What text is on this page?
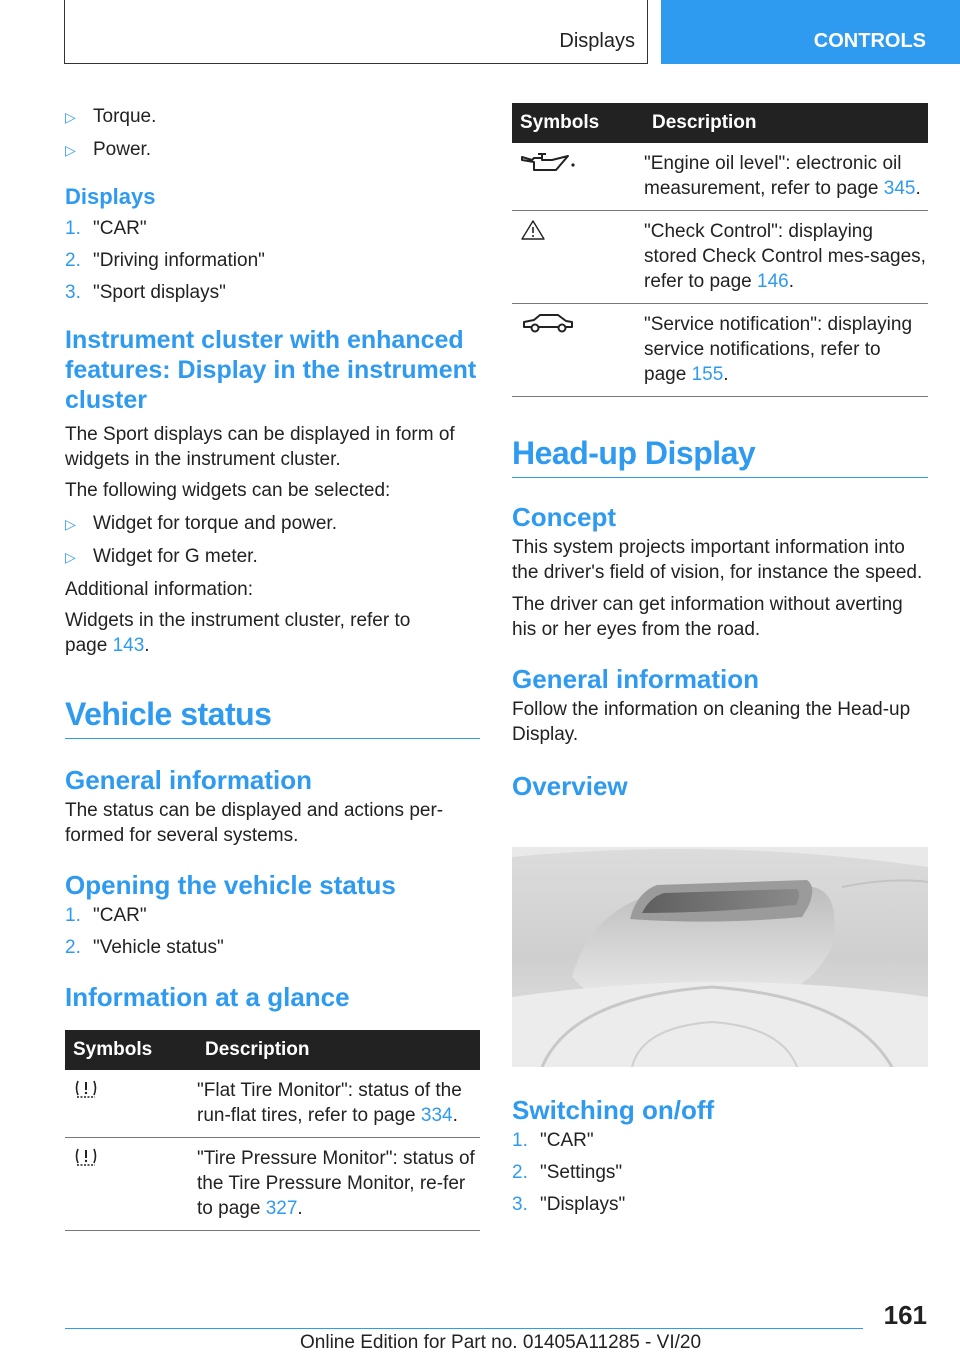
Displays	CONTROLS
▷ Torque.
▷ Power.
Displays
1. "CAR"
2. "Driving information"
3. "Sport displays"
Instrument cluster with enhanced features: Display in the instrument cluster

The Sport displays can be displayed in form of widgets in the instrument cluster.

The following widgets can be selected:

▷ Widget for torque and power.
▷ Widget for G meter.

Additional information:

Widgets in the instrument cluster, refer to page 143.

Vehicle status
General information

The status can be displayed and actions per-formed for several systems.

Opening the vehicle status
1. "CAR"
2. "Vehicle status"
Information at a glance
Symbols	Description
	"Flat Tire Monitor": status of the run-flat tires, refer to page 334.
	"Tire Pressure Monitor": status of the Tire Pressure Monitor, re-fer to page 327.
Symbols	Description
	"Engine oil level": electronic oil measurement, refer to page 345.
	"Check Control": displaying stored Check Control mes-sages, refer to page 146.
	"Service notification": displaying service notifications, refer to page 155.
Head-up Display
Concept

This system projects important information into the driver's field of vision, for instance the speed.

The driver can get information without averting his or her eyes from the road.

General information

Follow the information on cleaning the Head-up Display.

Overview
Switching on/off
1. "CAR"
2. "Settings"
3. "Displays"
161
Online Edition for Part no. 01405A11285 - VI/20
